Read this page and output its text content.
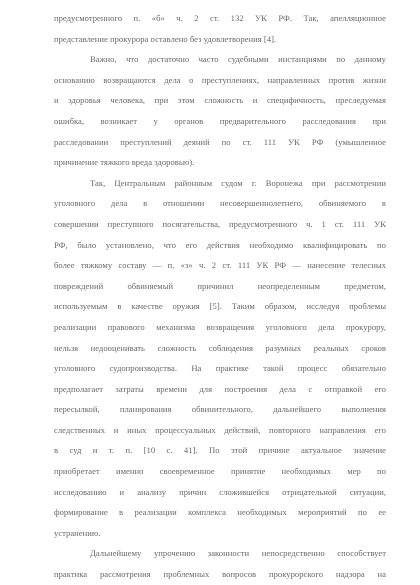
предусмотренного п. «б» ч. 2 ст. 132 УК РФ. Так, апелляционное
представление прокурора оставлено без удовлетворения [4].
Важно, что достаточно часто судебными инстанциями по данному
основанию возвращаются дела о преступлениях, направленных против жизни
и здоровья человека, при этом сложность и специфичность, преследуемая
ошибка, возникает у органов предварительного расследования при
расследовании преступлений деяний по ст. 111 УК РФ (умышленное
причинение тяжкого вреда здоровью).
Так, Центральным районным судом г. Воронежа при рассмотрении
уголовного дела в отношении несовершеннолетнего, обвиняемого в
совершении преступного посягательства, предусмотренного ч. 1 ст. 111 УК
РФ, было установлено, что его действия необходимо квалифицировать по
более тяжкому составу — п. «з» ч. 2 ст. 111 УК РФ — нанесение телесных
повреждений обвиняемый причинил неопределенным предметом,
используемым в качестве оружия [5]. Таким образом, исследуя проблемы
реализации правового механизма возвращения уголовного дела прокурору,
нельзя недооценивать сложность соблюдения разумных реальных сроков
уголовного судопроизводства. На практике такой процесс обязательно
предполагает затраты времени для построения дела с отправкой его
пересылкой, планирования обвинительного, дальнейшего выполнения
следственных и иных процессуальных действий, повторного направления его
в суд и т. п. [10 с. 41]. По этой причине актуальное значение
приобретает именно своевременное принятие необходимых мер по
исследованию и анализу причин сложившейся отрицательной ситуации,
формирование в реализации комплекса необходимых мероприятий по ее
устранению.
Дальнейшему упрочению законности непосредственно способствует
практика рассмотрения проблемных вопросов прокурорского надзора на
